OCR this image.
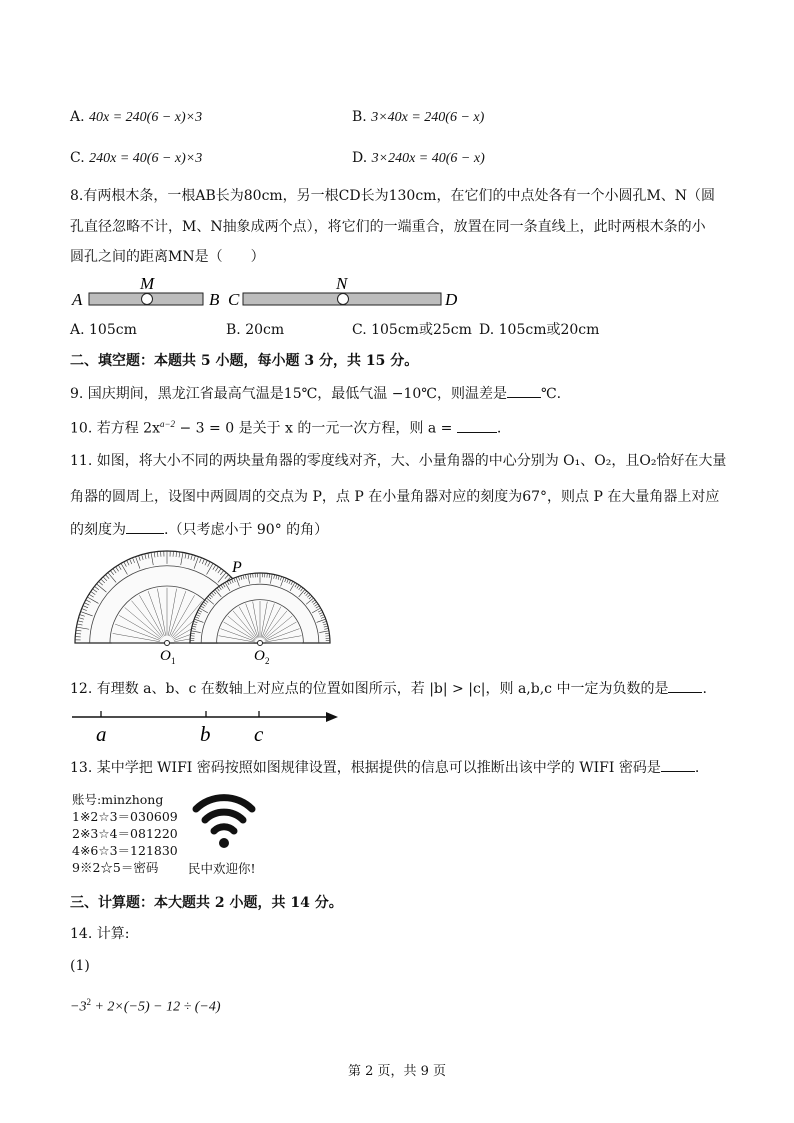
A. 40x = 240(6 − x)×3	B. 3×40x = 240(6 − x)
C. 240x = 40(6 − x)×3	D. 3×240x = 40(6 − x)
8.有两根木条，一根AB长为80cm，另一根CD长为130cm，在它们的中点处各有一个小圆孔M、N（圆
孔直径忽略不计，M、N抽象成两个点），将它们的一端重合，放置在同一条直线上，此时两根木条的小
圆孔之间的距离MN是（　　）
A	B C	D
M	N
A. 105cm	B. 20cm	C. 105cm或25cm D. 105cm或20cm
二、填空题：本题共 5 小题，每小题 3 分，共 15 分。
9. 国庆期间，黑龙江省最高气温是15℃，最低气温 −10℃，则温差是 ℃.
10. 若方程 $2x^{a-2} - 3 = 0$ 是关于 x 的一元一次方程，则 a =	.
11. 如图，将大小不同的两块量角器的零度线对齐，大、小量角器的中心分别为 O₁、O₂，且O₂恰好在大量
角器的圆周上，设图中两圆周的交点为 P，点 P 在小量角器对应的刻度为67°，则点 P 在大量角器上对应
的刻度为	.（只考虑小于 90° 的角）
P
O 1	O 2
12. 有理数 a、b、c 在数轴上对应点的位置如图所示，若 |b| > |c|，则 a,b,c 中一定为负数的是 .
a	b c
13. 某中学把 WIFI 密码按照如图规律设置，根据提供的信息可以推断出该中学的 WIFI 密码是 .
账号:minzhong
1※2☆3＝030609
2※3☆4＝081220
4※6☆3＝121830
9※2☆5＝密码	民中欢迎你!
三、计算题：本大题共 2 小题，共 14 分。
14. 计算:
(1)
$-3^2 + 2\times(-5) - 12 \div (-4)$
第 2 页，共 9 页
